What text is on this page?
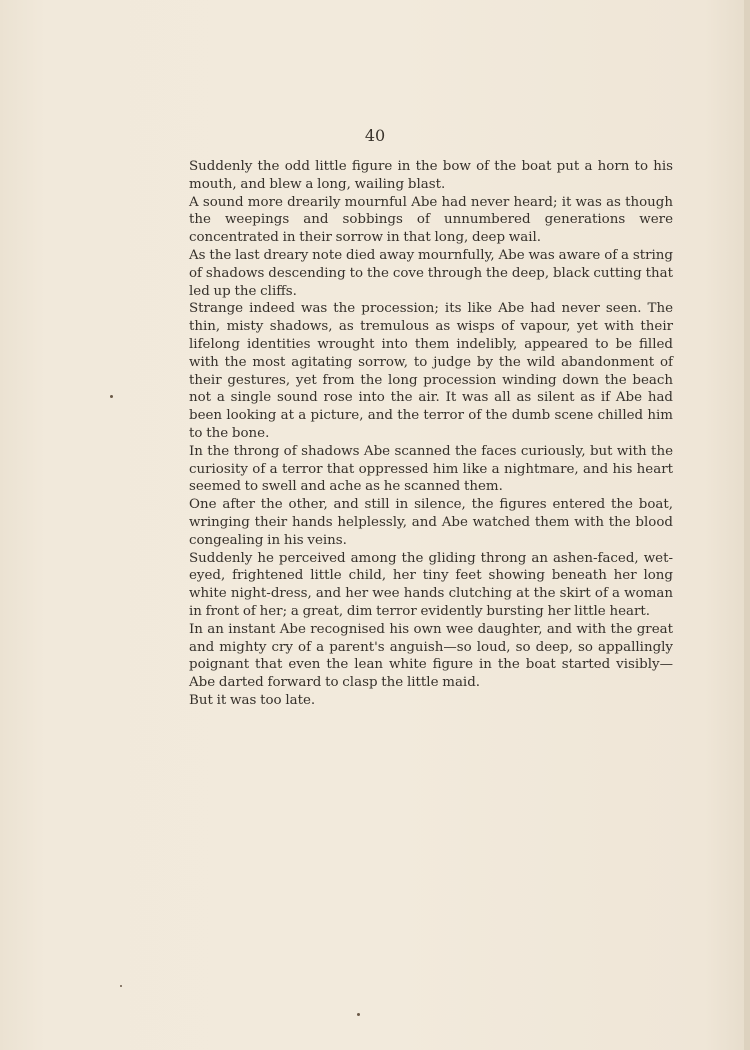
40

Suddenly the odd little figure in the bow of the boat put a horn to his mouth, and blew a long, wailing blast.

A sound more drearily mournful Abe had never heard; it was as though the weepings and sobbings of unnumbered generations were concentrated in their sorrow in that long, deep wail.

As the last dreary note died away mournfully, Abe was aware of a string of shadows descending to the cove through the deep, black cutting that led up the cliffs.

Strange indeed was the procession; its like Abe had never seen. The thin, misty shadows, as tremulous as wisps of vapour, yet with their lifelong identities wrought into them indelibly, appeared to be filled with the most agitating sorrow, to judge by the wild abandonment of their gestures, yet from the long procession winding down the beach not a single sound rose into the air. It was all as silent as if Abe had been looking at a picture, and the terror of the dumb scene chilled him to the bone.

In the throng of shadows Abe scanned the faces curiously, but with the curiosity of a terror that oppressed him like a nightmare, and his heart seemed to swell and ache as he scanned them.

One after the other, and still in silence, the figures entered the boat, wringing their hands helplessly, and Abe watched them with the blood congealing in his veins.

Suddenly he perceived among the gliding throng an ashen-faced, wet-eyed, frightened little child, her tiny feet showing beneath her long white night-dress, and her wee hands clutching at the skirt of a woman in front of her; a great, dim terror evidently bursting her little heart.

In an instant Abe recognised his own wee daughter, and with the great and mighty cry of a parent's anguish—so loud, so deep, so appallingly poignant that even the lean white figure in the boat started visibly—Abe darted forward to clasp the little maid.

But it was too late.
